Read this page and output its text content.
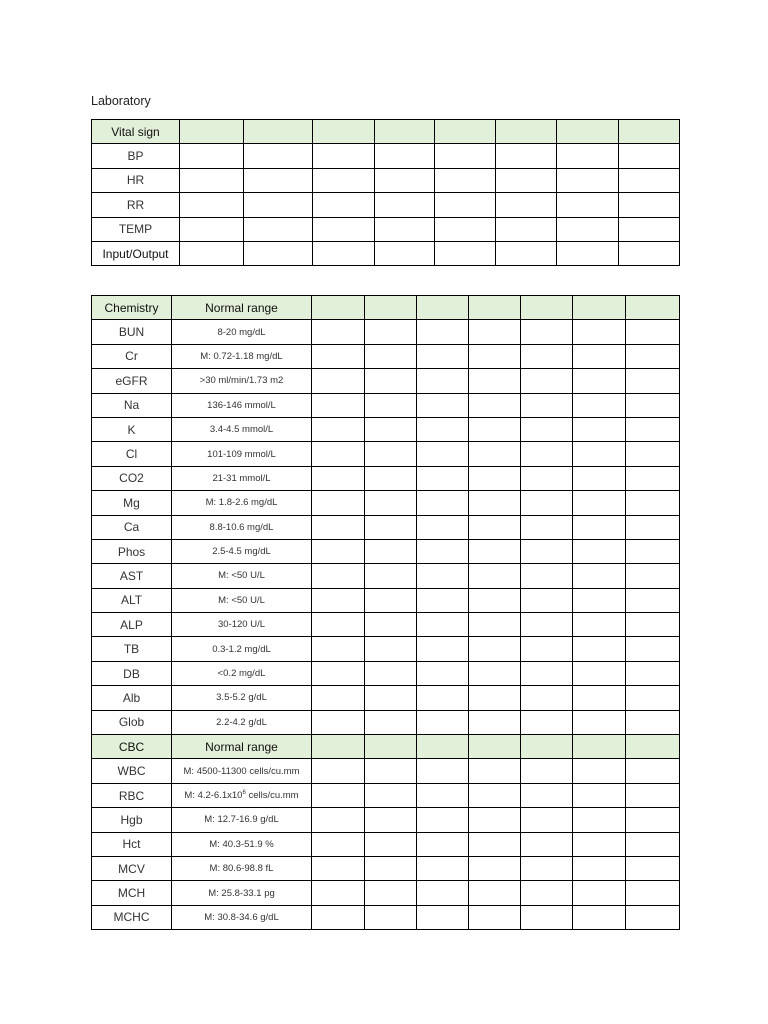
Laboratory
Vital sign								
BP								
HR								
RR								
TEMP								
Input/Output								
Chemistry	Normal range							
BUN	8-20 mg/dL							
Cr	M: 0.72-1.18 mg/dL							
eGFR	>30 ml/min/1.73 m2							
Na	136-146 mmol/L							
K	3.4-4.5 mmol/L							
Cl	101-109 mmol/L							
CO2	21-31 mmol/L							
Mg	M: 1.8-2.6 mg/dL							
Ca	8.8-10.6 mg/dL							
Phos	2.5-4.5 mg/dL							
AST	M: <50 U/L							
ALT	M: <50 U/L							
ALP	30-120 U/L							
TB	0.3-1.2 mg/dL							
DB	<0.2 mg/dL							
Alb	3.5-5.2 g/dL							
Glob	2.2-4.2 g/dL							
CBC	Normal range							
WBC	M: 4500-11300 cells/cu.mm							
RBC	M: $4.2-6.1x10^6$ cells/cu.mm							
Hgb	M: 12.7-16.9 g/dL							
Hct	M: 40.3-51.9 %							
MCV	M: 80.6-98.8 fL							
MCH	M: 25.8-33.1 pg							
MCHC	M: 30.8-34.6 g/dL							
